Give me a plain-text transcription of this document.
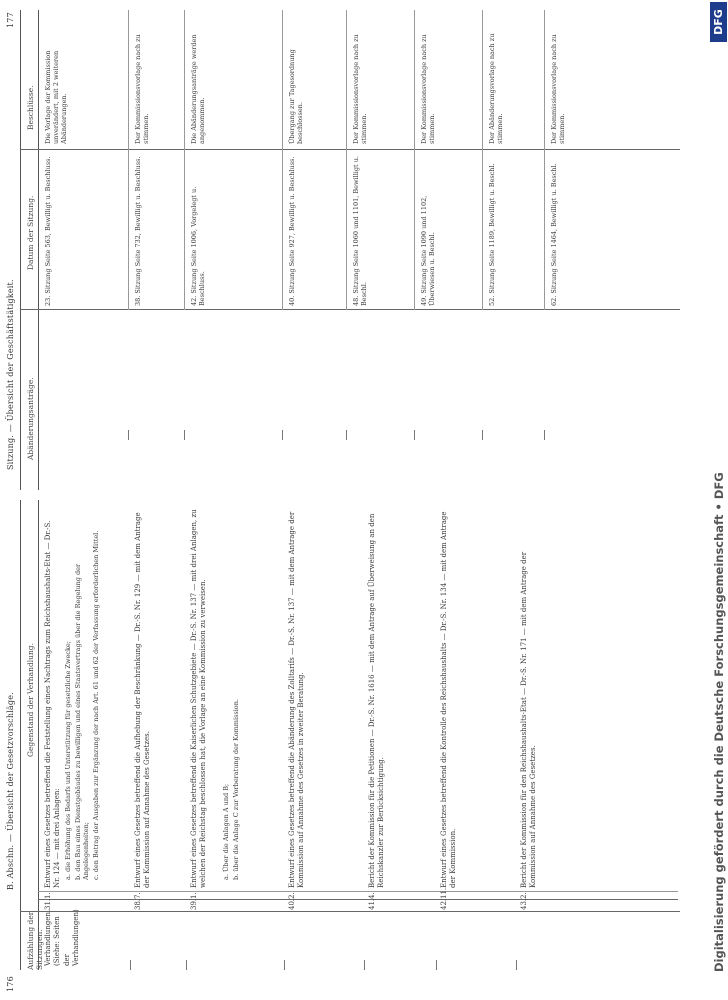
176
B. Abschn. — Übersicht der Gesetzvorschläge.
Aufzählung der Sitzungen.
Gegenstand der Verhandlung.
Verhandlungen. (Siehe: Seiten der Verhandlungen)
31.
1.
Entwurf eines Gesetzes betreffend die Feststellung eines Nachtrags zum Reichshaushalts-Etat — Dr.-S. Nr. 124 — mit drei Anlagen: a. die Erhöhung des Bedarfs und Unterstützung für gesetzliche Zwecke; b. den Bau eines Dienstgebäudes zu bewilligen und eines Staatsvertrags über die Regelung der Angelegenheiten; c. den Betrag der Ausgaben zur Ergänzung der nach Art. 61 und 62 der Verfassung erforderlichen Mittel.
38.
7.
Entwurf eines Gesetzes betreffend die Aufhebung der Beschränkung — Dr.-S. Nr. 129 — mit dem Antrage der Kommission auf Annahme des Gesetzes.
39.
1.
Entwurf eines Gesetzes betreffend die Kaiserlichen Schutzgebiete — Dr.-S. Nr. 137 — mit drei Anlagen, zu welchen der Reichstag beschlossen hat, die Vorlage an eine Kommission zu verweisen. a. Über die Anlagen A und B; b. über die Anlage C zur Vorberatung der Kommission.
40.
2.
Entwurf eines Gesetzes betreffend die Abänderung des Zolltarifs — Dr.-S. Nr. 137 — mit dem Antrage der Kommission auf Annahme des Gesetzes in zweiter Beratung.
41.
4.
Bericht der Kommission für die Petitionen — Dr.-S. Nr. 1616 — mit dem Antrage auf Überweisung an den Reichskanzler zur Berücksichtigung.
42.
11.
Entwurf eines Gesetzes betreffend die Kontrolle des Reichshaushalts — Dr.-S. Nr. 134 — mit dem Antrage der Kommission.
43.
2.
Bericht der Kommission für den Reichshaushalts-Etat — Dr.-S. Nr. 171 — mit dem Antrage der Kommission auf Annahme des Gesetzes.
Sitzung. — Übersicht der Geschäftstätigkeit.
177
Abänderungsanträge.
Datum der Sitzung.
Beschlüsse.
23. Sitzung Seite 563, Bewilligt u. Beschluss.
Die Vorlage der Kommission unverändert, mit 2 weiteren Abänderungen.
38. Sitzung Seite 732, Bewilligt u. Beschluss.
Der Kommissionsvorlage nach zu stimmen.
42. Sitzung Seite 1006, Vorgelegt u. Beschluss.
Die Abänderungsanträge werden angenommen.
40. Sitzung Seite 927, Bewilligt u. Beschluss.
Übergang zur Tagesordnung beschlossen.
48. Sitzung Seite 1060 und 1101, Bewilligt u. Beschl.
Der Kommissionsvorlage nach zu stimmen.
49. Sitzung Seite 1090 und 1102, Überwiesen u. Beschl.
Der Kommissionsvorlage nach zu stimmen.
52. Sitzung Seite 1189, Bewilligt u. Beschl.
Der Abänderungsvorlage nach zu stimmen.
62. Sitzung Seite 1464, Bewilligt u. Beschl.
Der Kommissionsvorlage nach zu stimmen.
Digitalisierung gefördert durch die Deutsche Forschungsgemeinschaft • DFG
DFG
